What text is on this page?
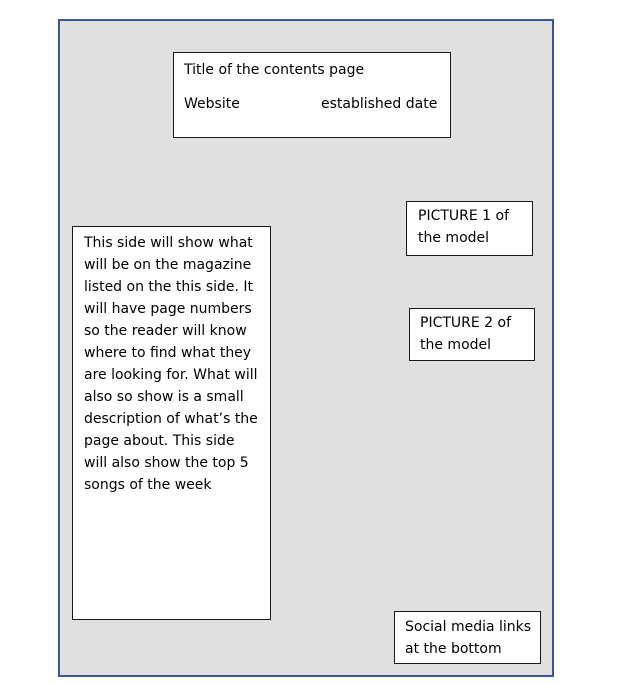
Title of the contents page
Website	established date
This side will show what will be on the magazine listed on the this side. It will have page numbers so the reader will know where to find what they are looking for. What will also so show is a small description of what’s the page about. This side will also show the top 5 songs of the week
PICTURE 1 of the model
PICTURE 2 of the model
Social media links at the bottom
